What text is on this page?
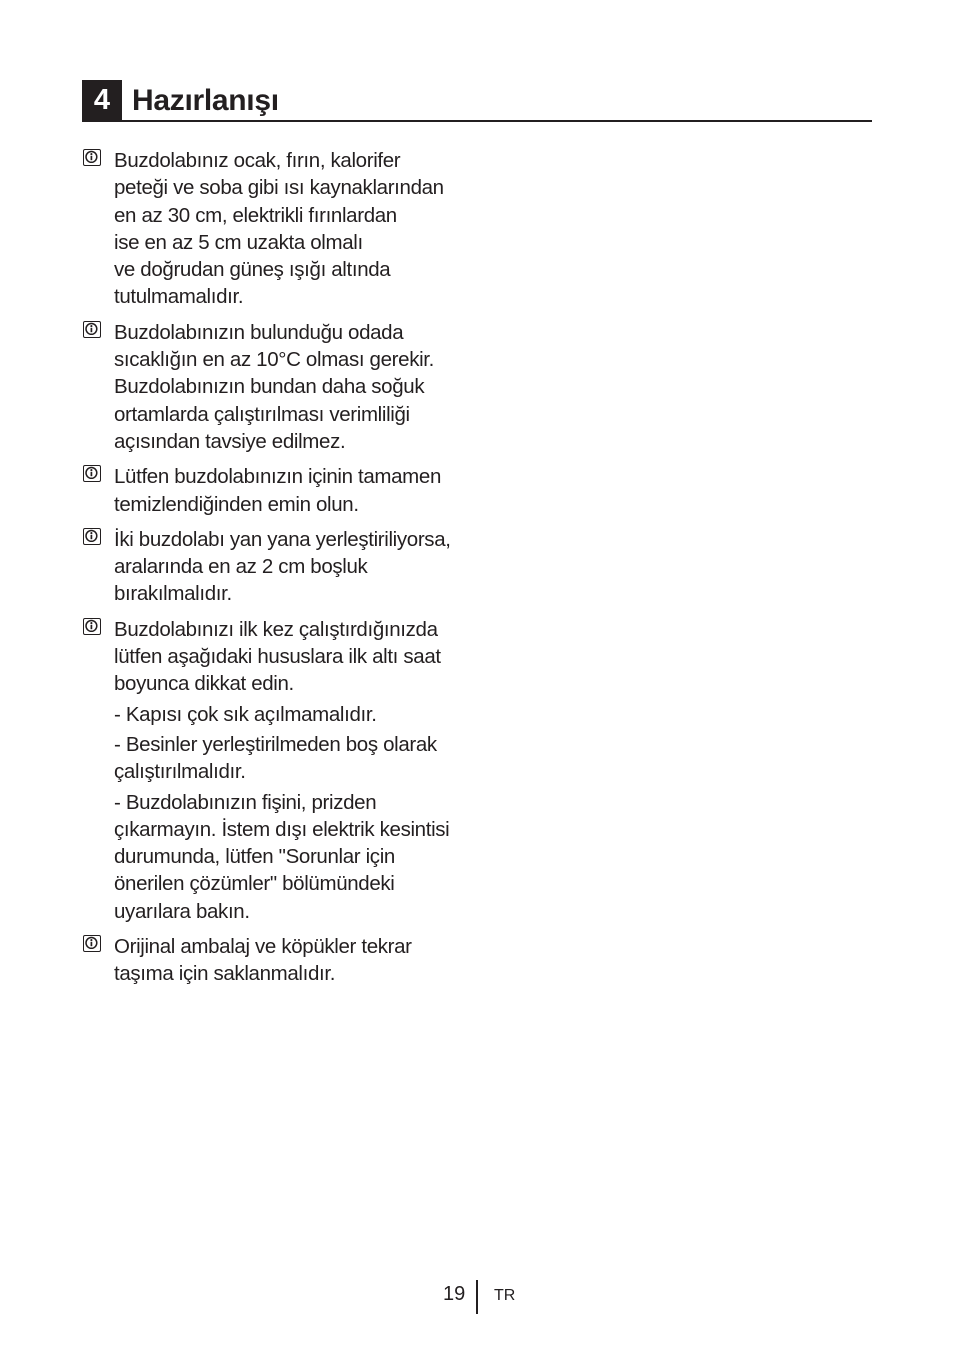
4 Hazırlanışı

Buzdolabınız ocak, fırın, kalorifer
peteği ve soba gibi ısı kaynaklarından
en az 30 cm, elektrikli fırınlardan
ise en az 5 cm uzakta olmalı
ve doğrudan güneş ışığı altında
tutulmamalıdır.

Buzdolabınızın bulunduğu odada
sıcaklığın en az 10°C olması gerekir.
Buzdolabınızın bundan daha soğuk
ortamlarda çalıştırılması verimliliği
açısından tavsiye edilmez.

Lütfen buzdolabınızın içinin tamamen
temizlendiğinden emin olun.

İki buzdolabı yan yana yerleştiriliyorsa,
aralarında en az 2 cm boşluk
bırakılmalıdır.

Buzdolabınızı ilk kez çalıştırdığınızda
lütfen aşağıdaki hususlara ilk altı saat
boyunca dikkat edin.

- Kapısı çok sık açılmamalıdır.

- Besinler yerleştirilmeden boş olarak
çalıştırılmalıdır.

- Buzdolabınızın fişini, prizden
çıkarmayın. İstem dışı elektrik kesintisi
durumunda, lütfen "Sorunlar için
önerilen çözümler" bölümündeki
uyarılara bakın.

Orijinal ambalaj ve köpükler tekrar
taşıma için saklanmalıdır.

19 TR
